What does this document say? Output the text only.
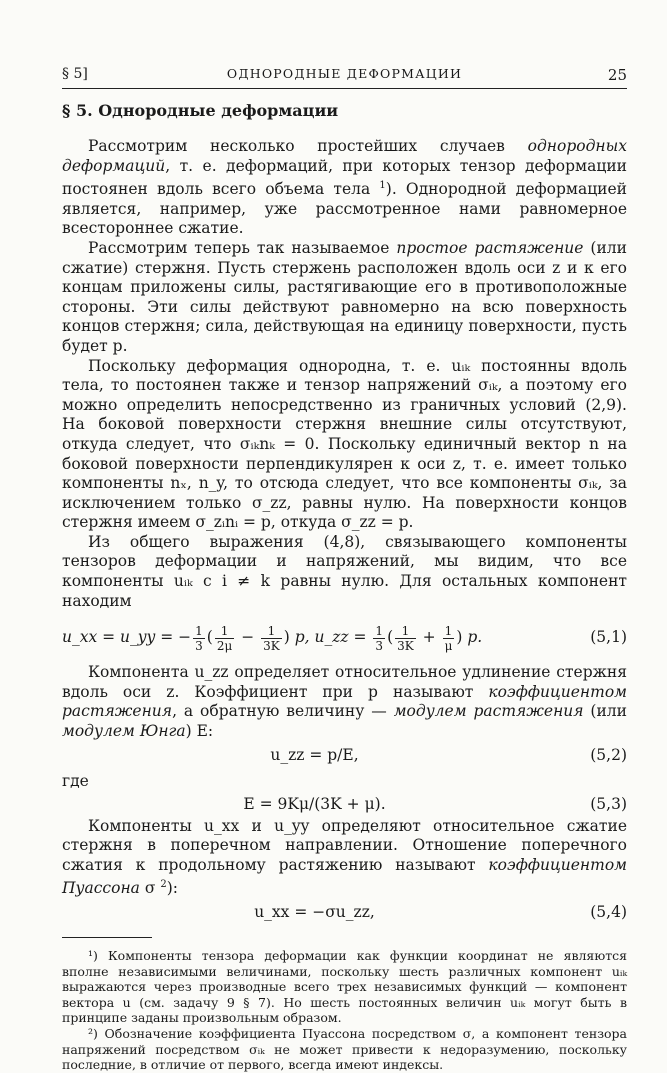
§ 5]	ОДНОРОДНЫЕ ДЕФОРМАЦИИ	25
§ 5. Однородные деформации

Рассмотрим несколько простейших случаев однородных деформаций, т. е. деформаций, при которых тензор деформации постоянен вдоль всего объема тела $^1$). Однородной деформацией является, например, уже рассмотренное нами равномерное всестороннее сжатие.

Рассмотрим теперь так называемое простое растяжение (или сжатие) стержня. Пусть стержень расположен вдоль оси z и к его концам приложены силы, растягивающие его в противоположные стороны. Эти силы действуют равномерно на всю поверхность концов стержня; сила, действующая на единицу поверхности, пусть будет p.

Поскольку деформация однородна, т. е. uᵢₖ постоянны вдоль тела, то постоянен также и тензор напряжений σᵢₖ, а поэтому его можно определить непосредственно из граничных условий (2,9). На боковой поверхности стержня внешние силы отсутствуют, откуда следует, что σᵢₖnₖ = 0. Поскольку единичный вектор n на боковой поверхности перпендикулярен к оси z, т. е. имеет только компоненты nₓ, n_y, то отсюда следует, что все компоненты σᵢₖ, за исключением только σ_zz, равны нулю. На поверхности концов стержня имеем σ_zᵢnᵢ = p, откуда σ_zz = p.

Из общего выражения (4,8), связывающего компоненты тензоров деформации и напряжений, мы видим, что все компоненты uᵢₖ с i ≠ k равны нулю. Для остальных компонент находим

u_xx = u_yy = − $\frac{1}{3}$ ( $\frac{1}{2\mu} - \frac{1}{3K}$ ) p, u_zz = $\frac{1}{3}$ ( $\frac{1}{3K} + \frac{1}{\mu}$ ) p.	(5,1)

Компонента u_zz определяет относительное удлинение стержня вдоль оси z. Коэффициент при p называют коэффициентом растяжения, а обратную величину — модулем растяжения (или модулем Юнга) E:

u_zz = p/E,	(5,2)
где
E = 9Kμ/(3K + μ).	(5,3)

Компоненты u_xx и u_yy определяют относительное сжатие стержня в поперечном направлении. Отношение поперечного сжатия к продольному растяжению называют коэффициентом Пуассона σ $^2$):

u_xx = −σu_zz,	(5,4)

¹) Компоненты тензора деформации как функции координат не являются вполне независимыми величинами, поскольку шесть различных компонент uᵢₖ выражаются через производные всего трех независимых функций — компонент вектора u (см. задачу 9 § 7). Но шесть постоянных величин uᵢₖ могут быть в принципе заданы произвольным образом.

²) Обозначение коэффициента Пуассона посредством σ, а компонент тензора напряжений посредством σᵢₖ не может привести к недоразумению, поскольку последние, в отличие от первого, всегда имеют индексы.
